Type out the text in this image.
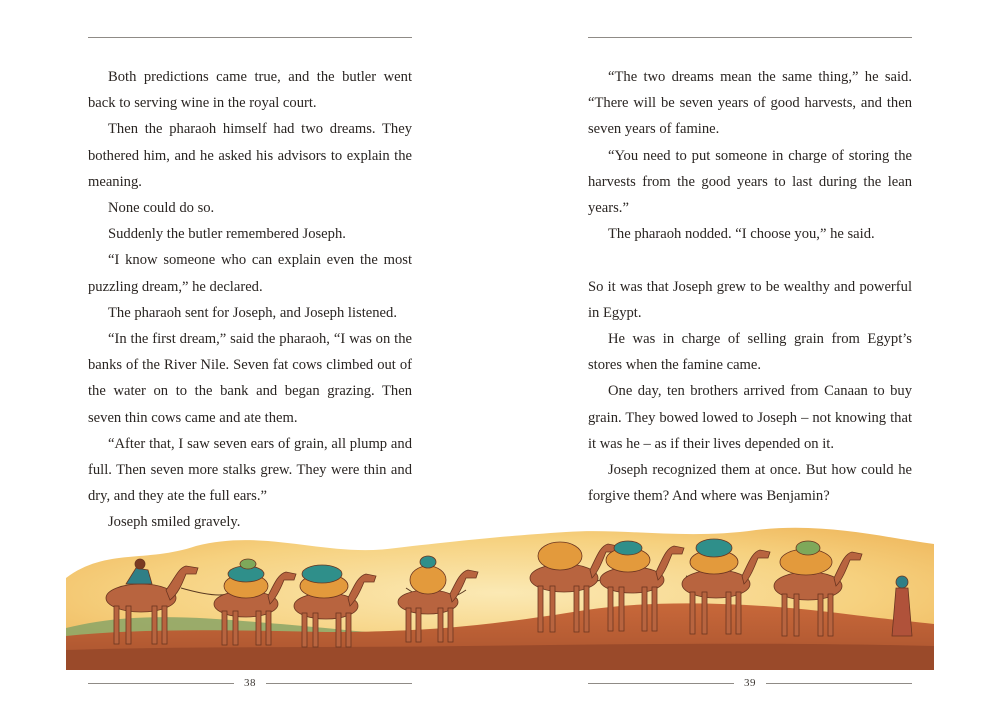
Both predictions came true, and the butler went back to serving wine in the royal court.

Then the pharaoh himself had two dreams. They bothered him, and he asked his advisors to explain the meaning.

None could do so.

Suddenly the butler remembered Joseph.

“I know someone who can explain even the most puzzling dream,” he declared.

The pharaoh sent for Joseph, and Joseph listened.

“In the first dream,” said the pharaoh, “I was on the banks of the River Nile. Seven fat cows climbed out of the water on to the bank and began grazing. Then seven thin cows came and ate them.

“After that, I saw seven ears of grain, all plump and full. Then seven more stalks grew. They were thin and dry, and they ate the full ears.”

Joseph smiled gravely.

38

“The two dreams mean the same thing,” he said. “There will be seven years of good harvests, and then seven years of famine.

“You need to put someone in charge of storing the harvests from the good years to last during the lean years.”

The pharaoh nodded. “I choose you,” he said.

So it was that Joseph grew to be wealthy and powerful in Egypt.

He was in charge of selling grain from Egypt’s stores when the famine came.

One day, ten brothers arrived from Canaan to buy grain. They bowed lowed to Joseph – not knowing that it was he – as if their lives depended on it.

Joseph recognized them at once. But how could he forgive them? And where was Benjamin?

39
